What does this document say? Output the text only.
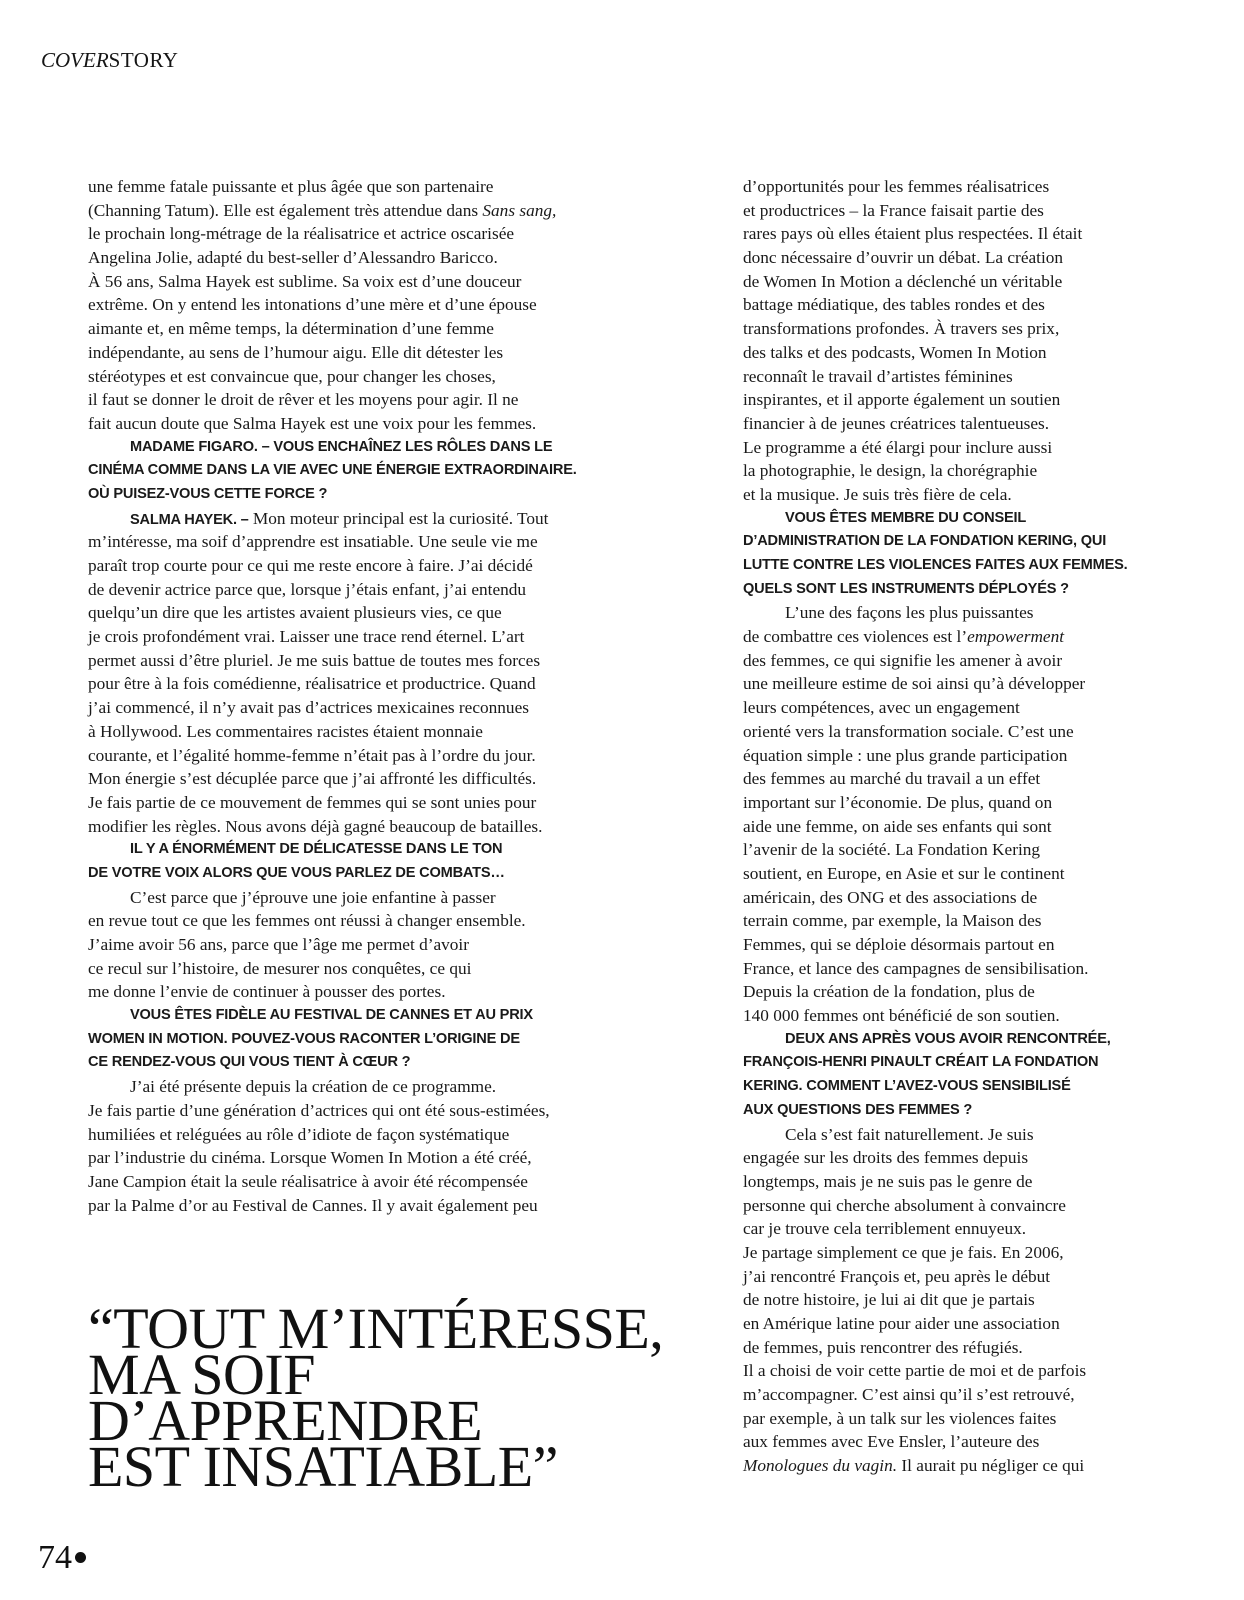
COVERSTORY
une femme fatale puissante et plus âgée que son partenaire
(Channing Tatum). Elle est également très attendue dans Sans sang,
le prochain long-métrage de la réalisatrice et actrice oscarisée
Angelina Jolie, adapté du best-seller d’Alessandro Baricco.
À 56 ans, Salma Hayek est sublime. Sa voix est d’une douceur
extrême. On y entend les intonations d’une mère et d’une épouse
aimante et, en même temps, la détermination d’une femme
indépendante, au sens de l’humour aigu. Elle dit détester les
stéréotypes et est convaincue que, pour changer les choses,
il faut se donner le droit de rêver et les moyens pour agir. Il ne
fait aucun doute que Salma Hayek est une voix pour les femmes.
MADAME FIGARO. – VOUS ENCHAÎNEZ LES RÔLES DANS LE
CINÉMA COMME DANS LA VIE AVEC UNE ÉNERGIE EXTRAORDINAIRE.
OÙ PUISEZ-VOUS CETTE FORCE ?
SALMA HAYEK. – Mon moteur principal est la curiosité. Tout
m’intéresse, ma soif d’apprendre est insatiable. Une seule vie me
paraît trop courte pour ce qui me reste encore à faire. J’ai décidé
de devenir actrice parce que, lorsque j’étais enfant, j’ai entendu
quelqu’un dire que les artistes avaient plusieurs vies, ce que
je crois profondément vrai. Laisser une trace rend éternel. L’art
permet aussi d’être pluriel. Je me suis battue de toutes mes forces
pour être à la fois comédienne, réalisatrice et productrice. Quand
j’ai commencé, il n’y avait pas d’actrices mexicaines reconnues
à Hollywood. Les commentaires racistes étaient monnaie
courante, et l’égalité homme-femme n’était pas à l’ordre du jour.
Mon énergie s’est décuplée parce que j’ai affronté les difficultés.
Je fais partie de ce mouvement de femmes qui se sont unies pour
modifier les règles. Nous avons déjà gagné beaucoup de batailles.
IL Y A ÉNORMÉMENT DE DÉLICATESSE DANS LE TON
DE VOTRE VOIX ALORS QUE VOUS PARLEZ DE COMBATS…
C’est parce que j’éprouve une joie enfantine à passer
en revue tout ce que les femmes ont réussi à changer ensemble.
J’aime avoir 56 ans, parce que l’âge me permet d’avoir
ce recul sur l’histoire, de mesurer nos conquêtes, ce qui
me donne l’envie de continuer à pousser des portes.
VOUS ÊTES FIDÈLE AU FESTIVAL DE CANNES ET AU PRIX
WOMEN IN MOTION. POUVEZ-VOUS RACONTER L’ORIGINE DE
CE RENDEZ-VOUS QUI VOUS TIENT À CŒUR ?
J’ai été présente depuis la création de ce programme.
Je fais partie d’une génération d’actrices qui ont été sous-estimées,
humiliées et reléguées au rôle d’idiote de façon systématique
par l’industrie du cinéma. Lorsque Women In Motion a été créé,
Jane Campion était la seule réalisatrice à avoir été récompensée
par la Palme d’or au Festival de Cannes. Il y avait également peu
d’opportunités pour les femmes réalisatrices
et productrices – la France faisait partie des
rares pays où elles étaient plus respectées. Il était
donc nécessaire d’ouvrir un débat. La création
de Women In Motion a déclenché un véritable
battage médiatique, des tables rondes et des
transformations profondes. À travers ses prix,
des talks et des podcasts, Women In Motion
reconnaît le travail d’artistes féminines
inspirantes, et il apporte également un soutien
financier à de jeunes créatrices talentueuses.
Le programme a été élargi pour inclure aussi
la photographie, le design, la chorégraphie
et la musique. Je suis très fière de cela.
VOUS ÊTES MEMBRE DU CONSEIL
D’ADMINISTRATION DE LA FONDATION KERING, QUI
LUTTE CONTRE LES VIOLENCES FAITES AUX FEMMES.
QUELS SONT LES INSTRUMENTS DÉPLOYÉS ?
L’une des façons les plus puissantes
de combattre ces violences est l’empowerment
des femmes, ce qui signifie les amener à avoir
une meilleure estime de soi ainsi qu’à développer
leurs compétences, avec un engagement
orienté vers la transformation sociale. C’est une
équation simple : une plus grande participation
des femmes au marché du travail a un effet
important sur l’économie. De plus, quand on
aide une femme, on aide ses enfants qui sont
l’avenir de la société. La Fondation Kering
soutient, en Europe, en Asie et sur le continent
américain, des ONG et des associations de
terrain comme, par exemple, la Maison des
Femmes, qui se déploie désormais partout en
France, et lance des campagnes de sensibilisation.
Depuis la création de la fondation, plus de
140 000 femmes ont bénéficié de son soutien.
DEUX ANS APRÈS VOUS AVOIR RENCONTRÉE,
FRANÇOIS-HENRI PINAULT CRÉAIT LA FONDATION
KERING. COMMENT L’AVEZ-VOUS SENSIBILISÉ
AUX QUESTIONS DES FEMMES ?
Cela s’est fait naturellement. Je suis
engagée sur les droits des femmes depuis
longtemps, mais je ne suis pas le genre de
personne qui cherche absolument à convaincre
car je trouve cela terriblement ennuyeux.
Je partage simplement ce que je fais. En 2006,
j’ai rencontré François et, peu après le début
de notre histoire, je lui ai dit que je partais
en Amérique latine pour aider une association
de femmes, puis rencontrer des réfugiés.
Il a choisi de voir cette partie de moi et de parfois
m’accompagner. C’est ainsi qu’il s’est retrouvé,
par exemple, à un talk sur les violences faites
aux femmes avec Eve Ensler, l’auteure des
Monologues du vagin. Il aurait pu négliger ce qui
“TOUT M’INTÉRESSE,
MA SOIF
D’APPRENDRE
EST INSATIABLE”
74
